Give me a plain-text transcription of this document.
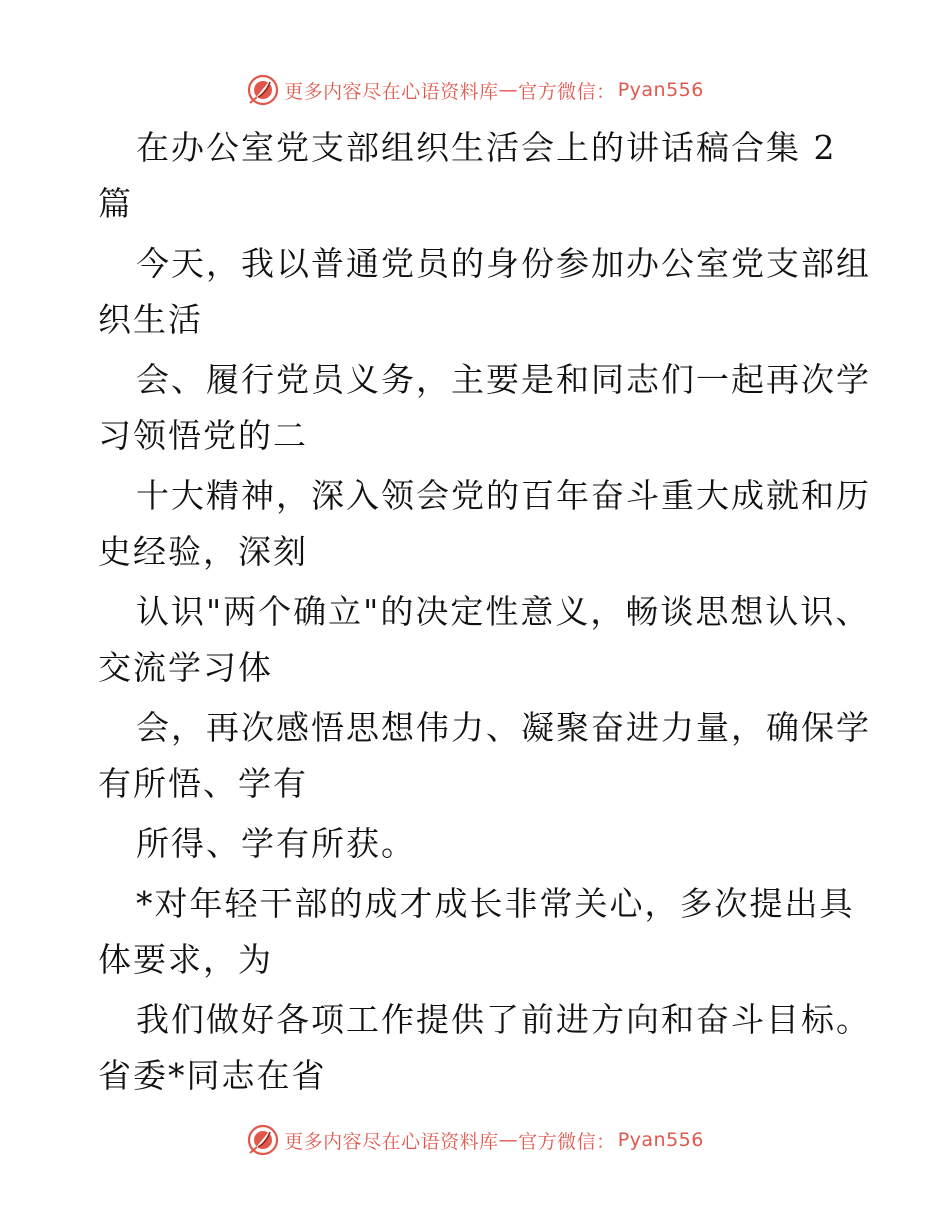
更多内容尽在心语资料库 — 官方微信： Pyan556
在办公室党支部组织生活会上的讲话稿合集 2
篇
今天，我以普通党员的身份参加办公室党支部组
织生活
会、履行党员义务，主要是和同志们一起再次学
习领悟党的二
十大精神，深入领会党的百年奋斗重大成就和历
史经验，深刻
认识"两个确立"的决定性意义，畅谈思想认识、
交流学习体
会，再次感悟思想伟力、凝聚奋进力量，确保学
有所悟、学有
所得、学有所获。
*对年轻干部的成才成长非常关心，多次提出具
体要求，为
我们做好各项工作提供了前进方向和奋斗目标。
省委*同志在省
更多内容尽在心语资料库 — 官方微信： Pyan556
